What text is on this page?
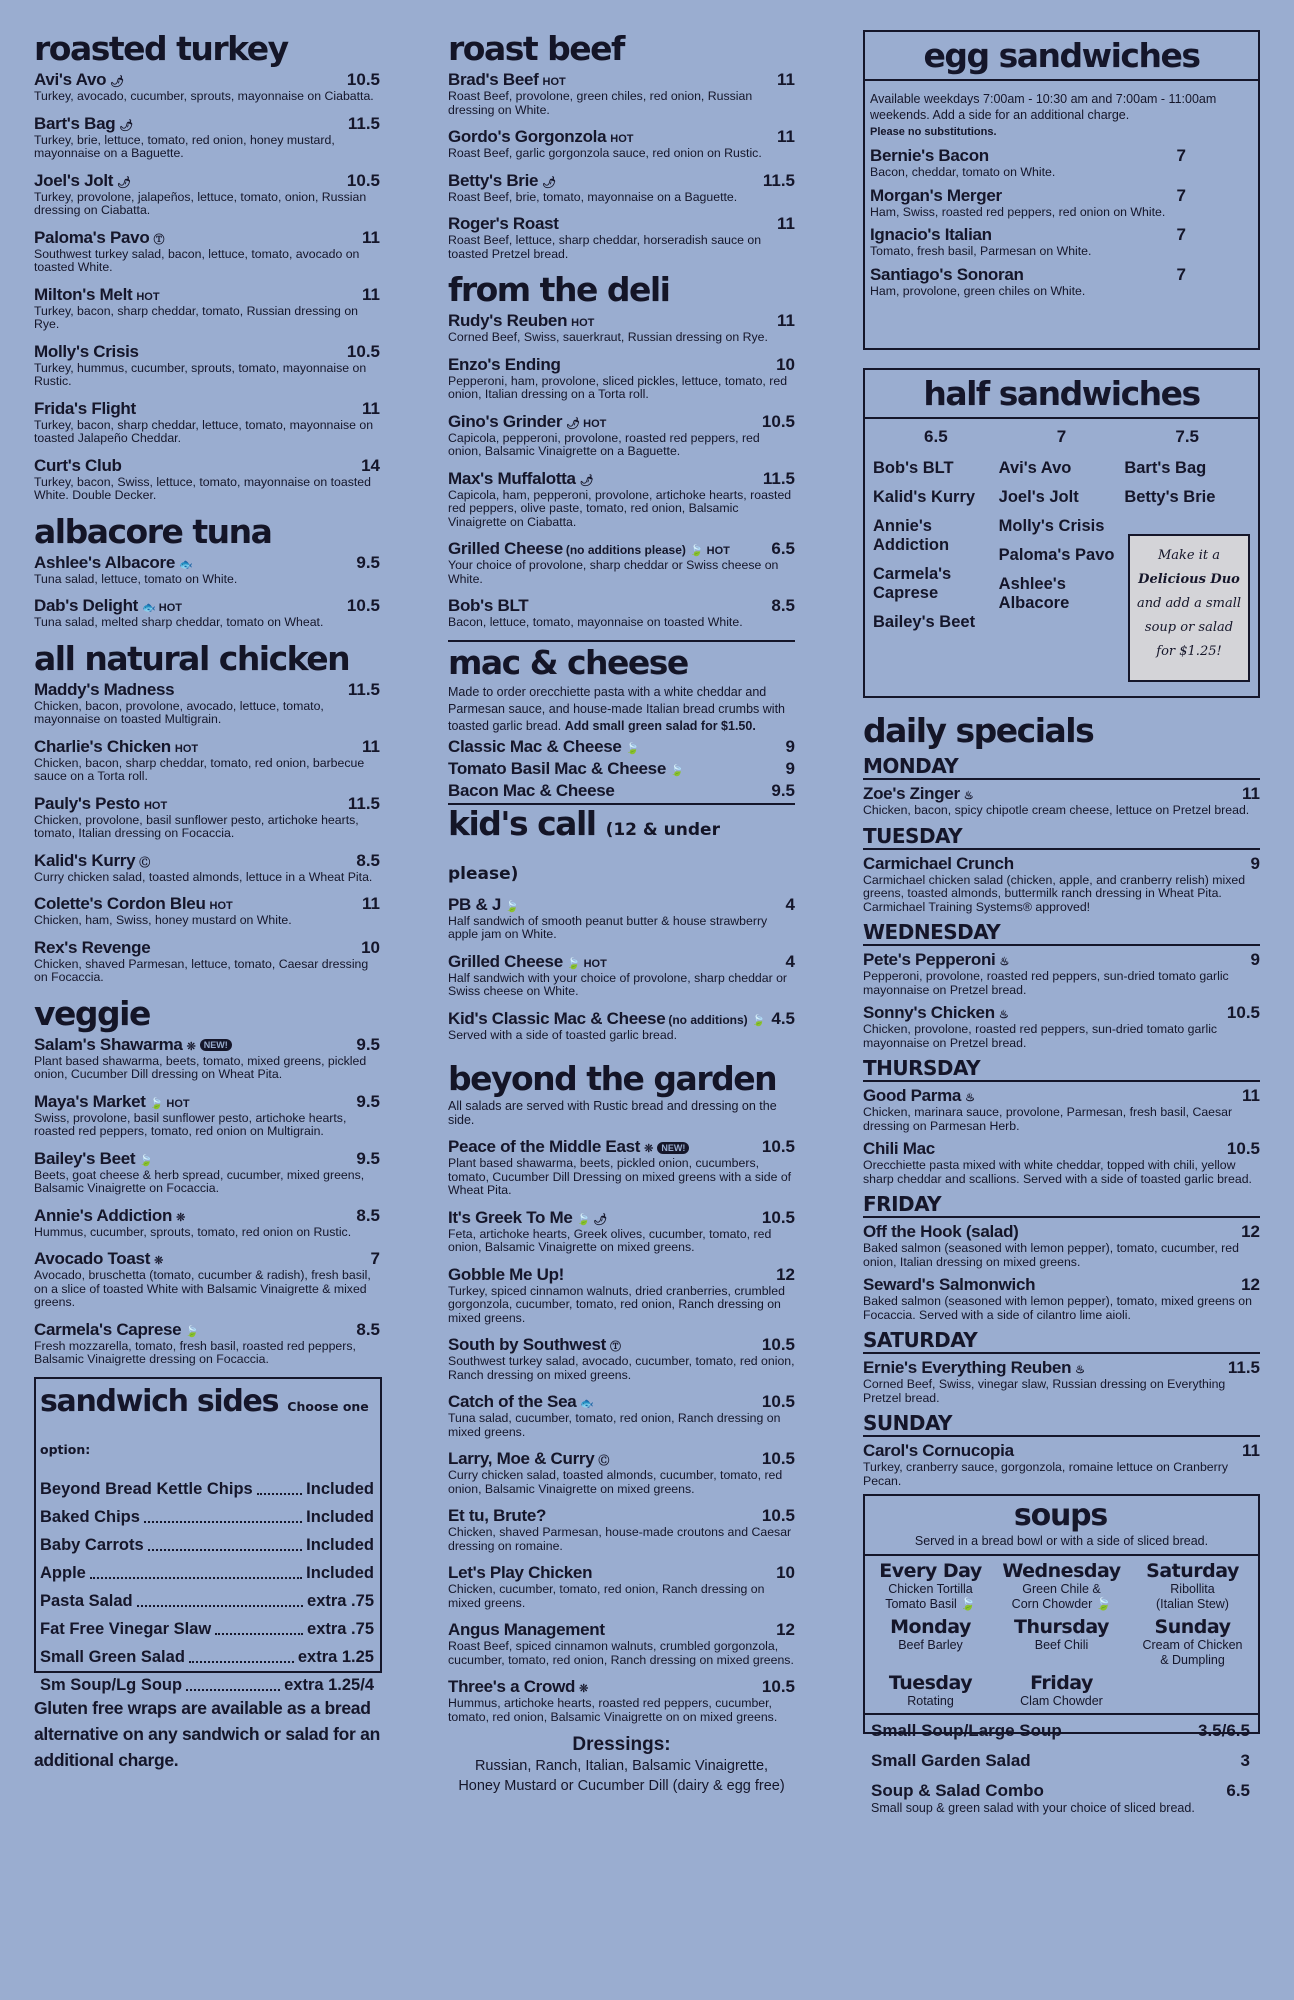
roasted turkey
Avi's Avo 🌶	10.5
Turkey, avocado, cucumber, sprouts, mayonnaise on Ciabatta.
Bart's Bag 🌶	11.5
Turkey, brie, lettuce, tomato, red onion, honey mustard, mayonnaise on a Baguette.
Joel's Jolt 🌶	10.5
Turkey, provolone, jalapeños, lettuce, tomato, onion, Russian dressing on Ciabatta.
Paloma's Pavo Ⓣ	11
Southwest turkey salad, bacon, lettuce, tomato, avocado on toasted White.
Milton's Melt HOT	11
Turkey, bacon, sharp cheddar, tomato, Russian dressing on Rye.
Molly's Crisis	10.5
Turkey, hummus, cucumber, sprouts, tomato, mayonnaise on Rustic.
Frida's Flight	11
Turkey, bacon, sharp cheddar, lettuce, tomato, mayonnaise on toasted Jalapeño Cheddar.
Curt's Club	14
Turkey, bacon, Swiss, lettuce, tomato, mayonnaise on toasted White. Double Decker.
albacore tuna
Ashlee's Albacore 🐟	9.5
Tuna salad, lettuce, tomato on White.
Dab's Delight 🐟 HOT	10.5
Tuna salad, melted sharp cheddar, tomato on Wheat.
all natural chicken
Maddy's Madness	11.5
Chicken, bacon, provolone, avocado, lettuce, tomato, mayonnaise on toasted Multigrain.
Charlie's Chicken HOT	11
Chicken, bacon, sharp cheddar, tomato, red onion, barbecue sauce on a Torta roll.
Pauly's Pesto HOT	11.5
Chicken, provolone, basil sunflower pesto, artichoke hearts, tomato, Italian dressing on Focaccia.
Kalid's Kurry Ⓒ	8.5
Curry chicken salad, toasted almonds, lettuce in a Wheat Pita.
Colette's Cordon Bleu HOT	11
Chicken, ham, Swiss, honey mustard on White.
Rex's Revenge	10
Chicken, shaved Parmesan, lettuce, tomato, Caesar dressing on Focaccia.
veggie
Salam's Shawarma ❊ NEW!	9.5
Plant based shawarma, beets, tomato, mixed greens, pickled onion, Cucumber Dill dressing on Wheat Pita.
Maya's Market 🍃 HOT	9.5
Swiss, provolone, basil sunflower pesto, artichoke hearts, roasted red peppers, tomato, red onion on Multigrain.
Bailey's Beet 🍃	9.5
Beets, goat cheese & herb spread, cucumber, mixed greens, Balsamic Vinaigrette on Focaccia.
Annie's Addiction ❊	8.5
Hummus, cucumber, sprouts, tomato, red onion on Rustic.
Avocado Toast ❊	7
Avocado, bruschetta (tomato, cucumber & radish), fresh basil, on a slice of toasted White with Balsamic Vinaigrette & mixed greens.
Carmela's Caprese 🍃	8.5
Fresh mozzarella, tomato, fresh basil, roasted red peppers, Balsamic Vinaigrette dressing on Focaccia.
sandwich sides Choose one option:
Beyond Bread Kettle Chips	Included
Baked Chips	Included
Baby Carrots	Included
Apple	Included
Pasta Salad	extra .75
Fat Free Vinegar Slaw	extra .75
Small Green Salad	extra 1.25
Sm Soup/Lg Soup	extra 1.25/4
Gluten free wraps are available as a bread alternative on any sandwich or salad for an additional charge.
roast beef
Brad's Beef HOT	11
Roast Beef, provolone, green chiles, red onion, Russian dressing on White.
Gordo's Gorgonzola HOT	11
Roast Beef, garlic gorgonzola sauce, red onion on Rustic.
Betty's Brie 🌶	11.5
Roast Beef, brie, tomato, mayonnaise on a Baguette.
Roger's Roast	11
Roast Beef, lettuce, sharp cheddar, horseradish sauce on toasted Pretzel bread.
from the deli
Rudy's Reuben HOT	11
Corned Beef, Swiss, sauerkraut, Russian dressing on Rye.
Enzo's Ending	10
Pepperoni, ham, provolone, sliced pickles, lettuce, tomato, red onion, Italian dressing on a Torta roll.
Gino's Grinder 🌶 HOT	10.5
Capicola, pepperoni, provolone, roasted red peppers, red onion, Balsamic Vinaigrette on a Baguette.
Max's Muffalotta 🌶	11.5
Capicola, ham, pepperoni, provolone, artichoke hearts, roasted red peppers, olive paste, tomato, red onion, Balsamic Vinaigrette on Ciabatta.
Grilled Cheese (no additions please) 🍃 HOT 6.5
Your choice of provolone, sharp cheddar or Swiss cheese on White.
Bob's BLT	8.5
Bacon, lettuce, tomato, mayonnaise on toasted White.
mac & cheese
Made to order orecchiette pasta with a white cheddar and Parmesan sauce, and house-made Italian bread crumbs with toasted garlic bread. Add small green salad for $1.50.
Classic Mac & Cheese 🍃	9
Tomato Basil Mac & Cheese 🍃	9
Bacon Mac & Cheese	9.5
kid's call (12 & under please)
PB & J 🍃	4
Half sandwich of smooth peanut butter & house strawberry apple jam on White.
Grilled Cheese 🍃 HOT	4
Half sandwich with your choice of provolone, sharp cheddar or Swiss cheese on White.
Kid's Classic Mac & Cheese (no additions) 🍃 4.5
Served with a side of toasted garlic bread.
beyond the garden
All salads are served with Rustic bread and dressing on the side.
Peace of the Middle East ❊ NEW!	10.5
Plant based shawarma, beets, pickled onion, cucumbers, tomato, Cucumber Dill Dressing on mixed greens with a side of Wheat Pita.
It's Greek To Me 🍃 🌶	10.5
Feta, artichoke hearts, Greek olives, cucumber, tomato, red onion, Balsamic Vinaigrette on mixed greens.
Gobble Me Up!	12
Turkey, spiced cinnamon walnuts, dried cranberries, crumbled gorgonzola, cucumber, tomato, red onion, Ranch dressing on mixed greens.
South by Southwest Ⓣ	10.5
Southwest turkey salad, avocado, cucumber, tomato, red onion, Ranch dressing on mixed greens.
Catch of the Sea 🐟	10.5
Tuna salad, cucumber, tomato, red onion, Ranch dressing on mixed greens.
Larry, Moe & Curry Ⓒ	10.5
Curry chicken salad, toasted almonds, cucumber, tomato, red onion, Balsamic Vinaigrette on mixed greens.
Et tu, Brute?	10.5
Chicken, shaved Parmesan, house-made croutons and Caesar dressing on romaine.
Let's Play Chicken	10
Chicken, cucumber, tomato, red onion, Ranch dressing on mixed greens.
Angus Management	12
Roast Beef, spiced cinnamon walnuts, crumbled gorgonzola, cucumber, tomato, red onion, Ranch dressing on mixed greens.
Three's a Crowd ❊	10.5
Hummus, artichoke hearts, roasted red peppers, cucumber, tomato, red onion, Balsamic Vinaigrette on on mixed greens.
Dressings:
Russian, Ranch, Italian, Balsamic Vinaigrette,
Honey Mustard or Cucumber Dill (dairy & egg free)
egg sandwiches
Available weekdays 7:00am - 10:30 am and 7:00am - 11:00am weekends. Add a side for an additional charge.
Please no substitutions.
Bernie's Bacon	7
Bacon, cheddar, tomato on White.
Morgan's Merger	7
Ham, Swiss, roasted red peppers, red onion on White.
Ignacio's Italian	7
Tomato, fresh basil, Parmesan on White.
Santiago's Sonoran	7
Ham, provolone, green chiles on White.
half sandwiches
6.5
Bob's BLT
Kalid's Kurry
Annie's Addiction
Carmela's Caprese
Bailey's Beet
7
Avi's Avo
Joel's Jolt
Molly's Crisis
Paloma's Pavo
Ashlee's Albacore
7.5
Bart's Bag
Betty's Brie
Make it a
Delicious Duo
and add a small soup or salad for $1.25!
daily specials
MONDAY
Zoe's Zinger ♨	11
Chicken, bacon, spicy chipotle cream cheese, lettuce on Pretzel bread.
TUESDAY
Carmichael Crunch	9
Carmichael chicken salad (chicken, apple, and cranberry relish) mixed greens, toasted almonds, buttermilk ranch dressing in Wheat Pita. Carmichael Training Systems® approved!
WEDNESDAY
Pete's Pepperoni ♨	9
Pepperoni, provolone, roasted red peppers, sun-dried tomato garlic mayonnaise on Pretzel bread.
Sonny's Chicken ♨	10.5
Chicken, provolone, roasted red peppers, sun-dried tomato garlic mayonnaise on Pretzel bread.
THURSDAY
Good Parma ♨	11
Chicken, marinara sauce, provolone, Parmesan, fresh basil, Caesar dressing on Parmesan Herb.
Chili Mac	10.5
Orecchiette pasta mixed with white cheddar, topped with chili, yellow sharp cheddar and scallions. Served with a side of toasted garlic bread.
FRIDAY
Off the Hook (salad)	12
Baked salmon (seasoned with lemon pepper), tomato, cucumber, red onion, Italian dressing on mixed greens.
Seward's Salmonwich	12
Baked salmon (seasoned with lemon pepper), tomato, mixed greens on Focaccia. Served with a side of cilantro lime aioli.
SATURDAY
Ernie's Everything Reuben ♨	11.5
Corned Beef, Swiss, vinegar slaw, Russian dressing on Everything Pretzel bread.
SUNDAY
Carol's Cornucopia	11
Turkey, cranberry sauce, gorgonzola, romaine lettuce on Cranberry Pecan.
soups
Served in a bread bowl or with a side of sliced bread.
Every Day
Chicken Tortilla
Tomato Basil 🍃
Wednesday
Green Chile &
Corn Chowder 🍃
Saturday
Ribollita
(Italian Stew)
Monday
Beef Barley
Thursday
Beef Chili
Sunday
Cream of Chicken
& Dumpling
Tuesday
Rotating
Friday
Clam Chowder
Small Soup/Large Soup	3.5/6.5
Small Garden Salad	3
Soup & Salad Combo	6.5
Small soup & green salad with your choice of sliced bread.
